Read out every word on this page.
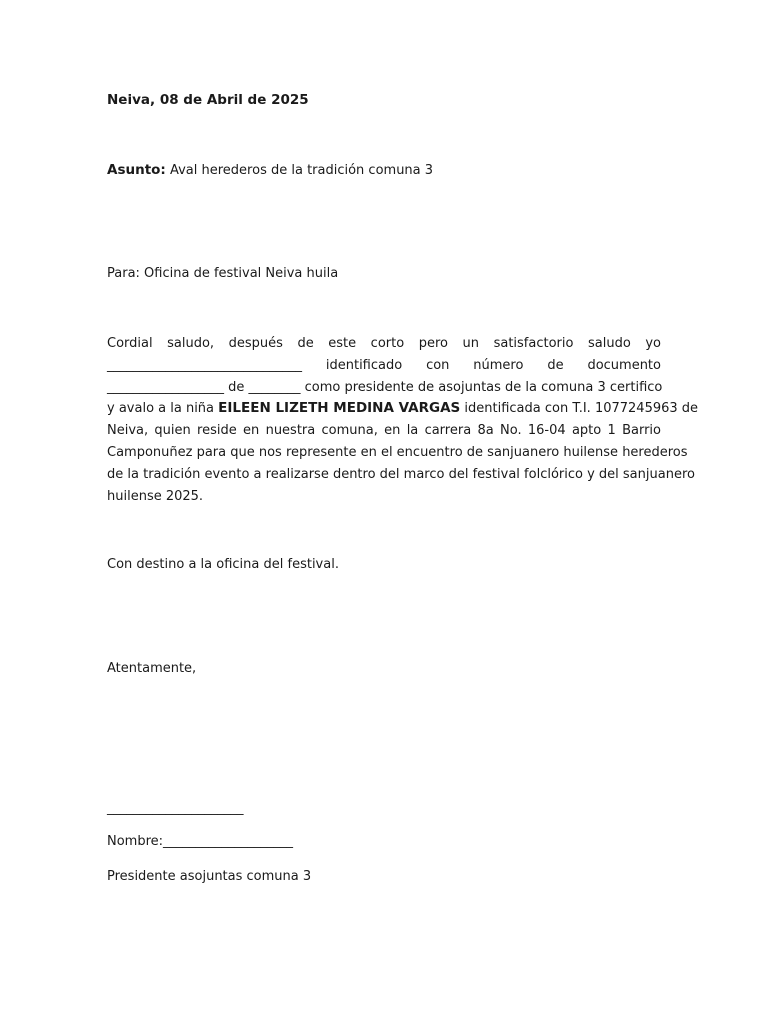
Neiva, 08 de Abril de 2025
Asunto: Aval herederos de la tradición comuna 3
Para: Oficina de festival Neiva huila
Cordial saludo, después de este corto pero un satisfactorio saludo yo
______________________________ identificado con número de documento
__________________ de ________ como presidente de asojuntas de la comuna 3 certifico
y avalo a la niña EILEEN LIZETH MEDINA VARGAS identificada con T.I. 1077245963 de
Neiva, quien reside en nuestra comuna, en la carrera 8a No. 16-04 apto 1 Barrio
Camponuñez para que nos represente en el encuentro de sanjuanero huilense herederos
de la tradición evento a realizarse dentro del marco del festival folclórico y del sanjuanero
huilense 2025.
Con destino a la oficina del festival.
Atentamente,
_____________________
Nombre:____________________
Presidente asojuntas comuna 3
